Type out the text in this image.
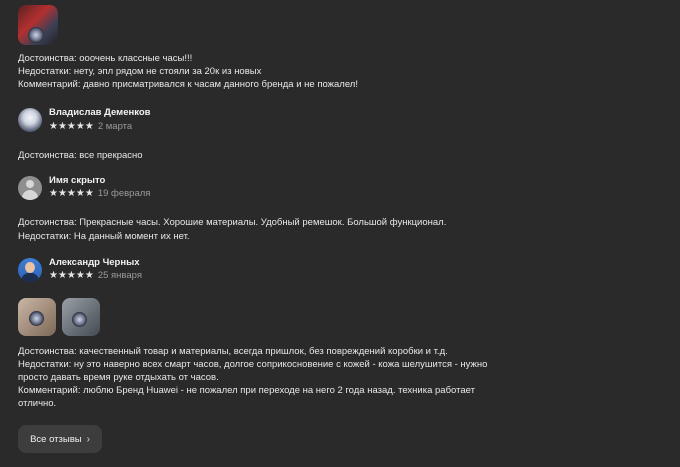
Достоинства: ооочень классные часы!!!
Недостатки: нету, эпл рядом не стояли за 20к из новых
Комментарий: давно присматривался к часам данного бренда и не пожалел!
Владислав Деменков
★★★★★ 2 марта
Достоинства: все прекрасно
Имя скрыто
★★★★★ 19 февраля
Достоинства: Прекрасные часы. Хорошие материалы. Удобный ремешок. Большой функционал.
Недостатки: На данный момент их нет.
Александр Черных
★★★★★ 25 января
Достоинства: качественный товар и материалы, всегда пришлок, без повреждений коробки и т.д.
Недостатки: ну это наверно всех смарт часов, долгое соприкосновение с кожей - кожа шелушится - нужно
просто давать время руке отдыхать от часов.
Комментарий: люблю Бренд Huawei - не пожалел при переходе на него 2 года назад. техника работает
отлично.
Все отзывы ›
